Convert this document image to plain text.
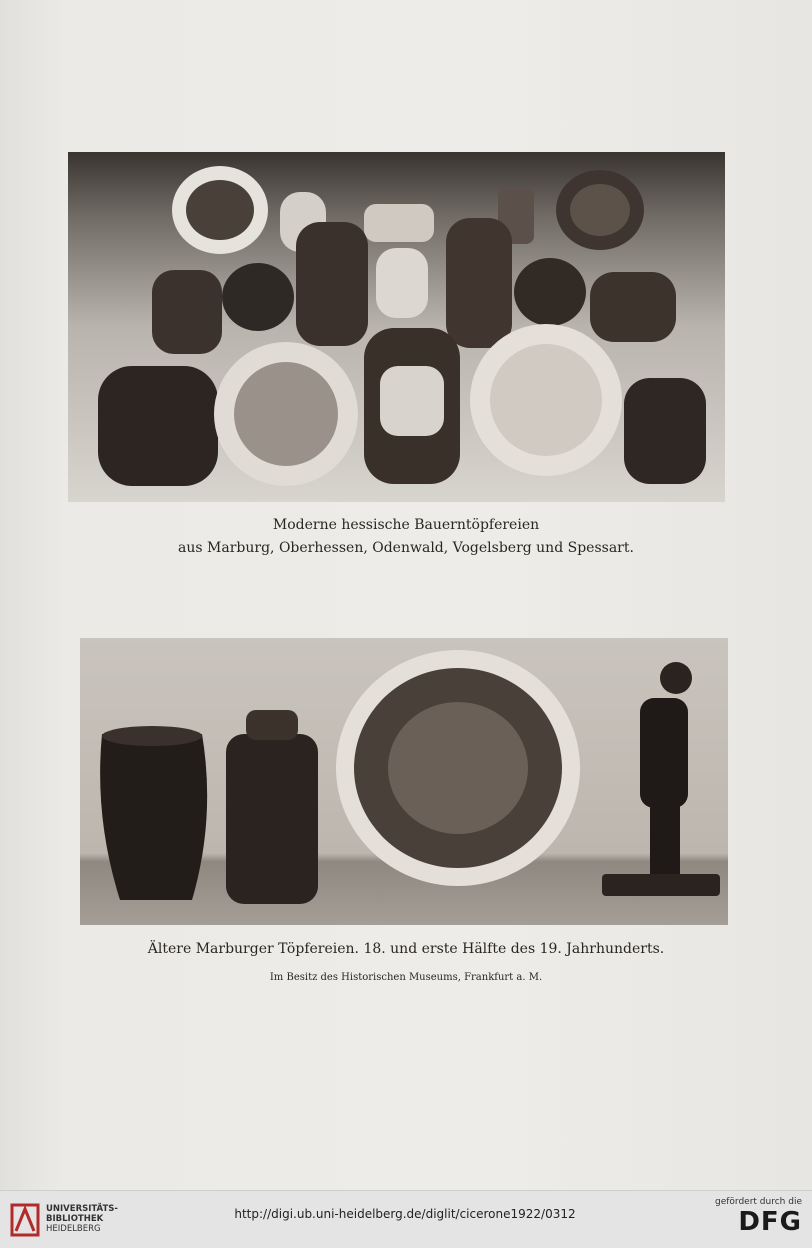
Moderne hessische Bauerntöpfereien
aus Marburg, Oberhessen, Odenwald, Vogelsberg und Spessart.
Ältere Marburger Töpfereien. 18. und erste Hälfte des 19. Jahrhunderts.
Im Besitz des Historischen Museums, Frankfurt a. M.
UNIVERSITÄTS-
BIBLIOTHEK
HEIDELBERG
http://digi.ub.uni-heidelberg.de/diglit/cicerone1922/0312
gefördert durch die
DFG
